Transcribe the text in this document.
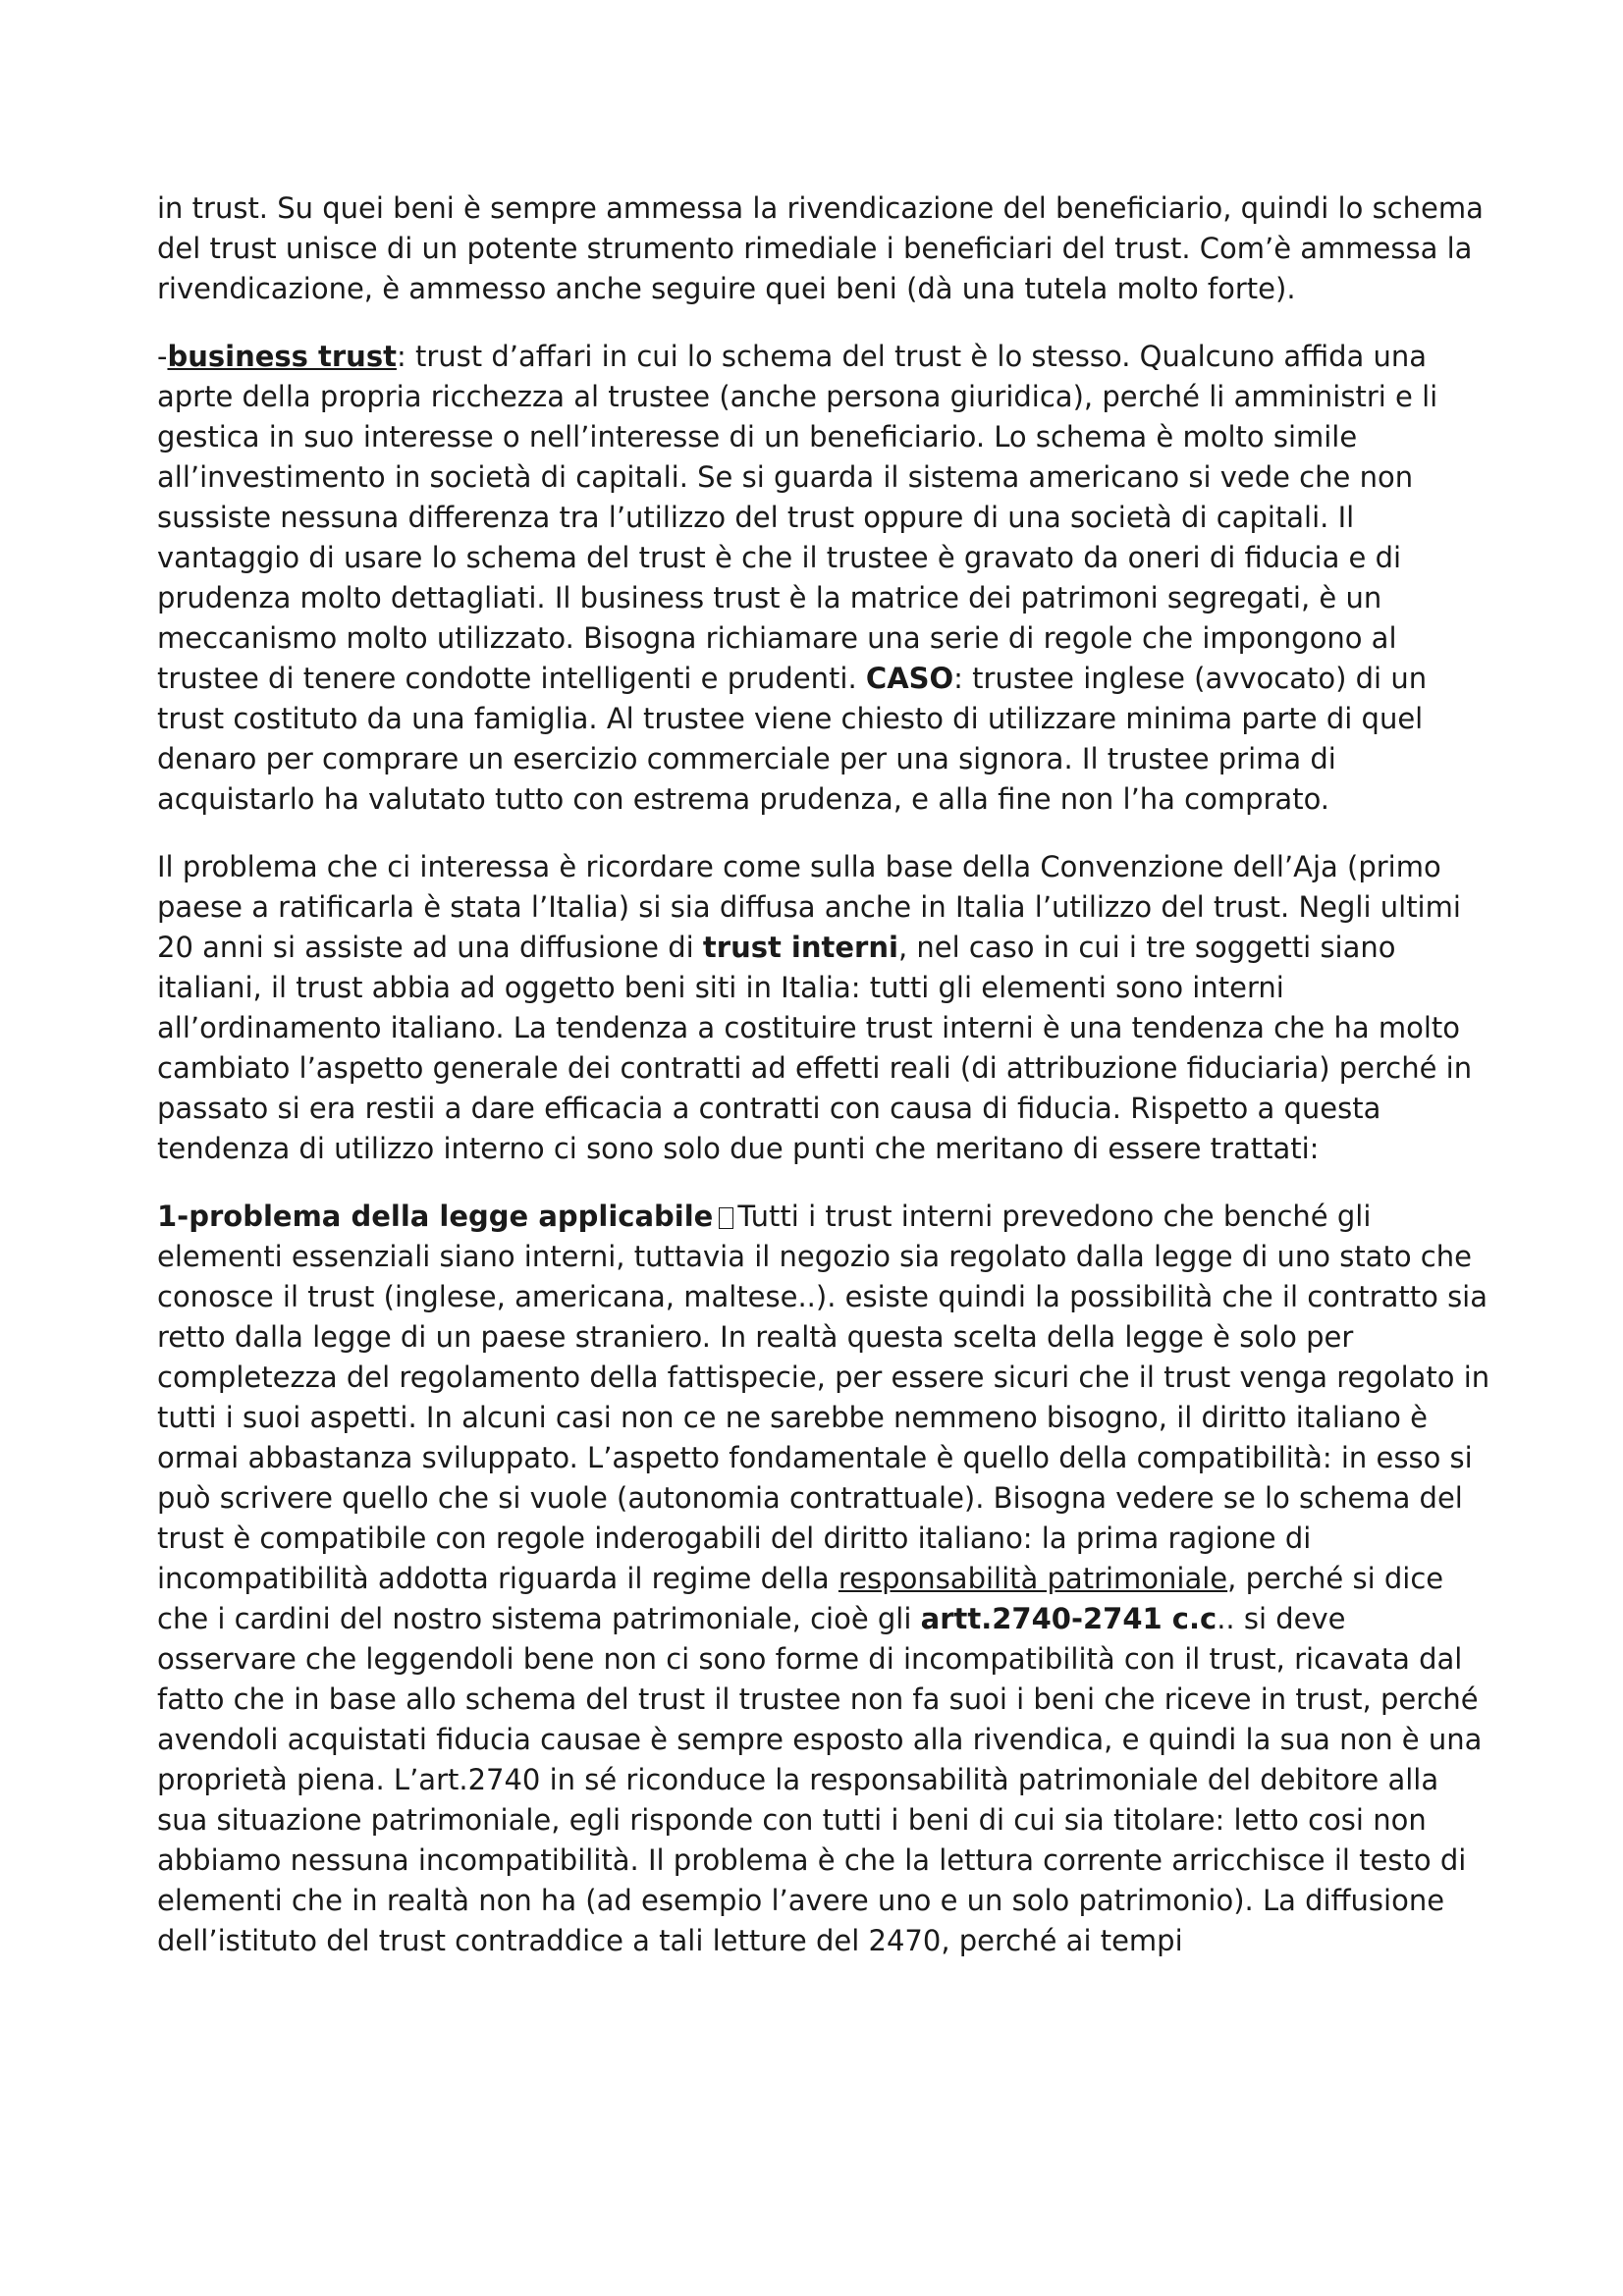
in trust. Su quei beni è sempre ammessa la rivendicazione del beneficiario, quindi lo schema del trust unisce di un potente strumento rimediale i beneficiari del trust. Com’è ammessa la rivendicazione, è ammesso anche seguire quei beni (dà una tutela molto forte).

-business trust: trust d’affari in cui lo schema del trust è lo stesso. Qualcuno affida una aprte della propria ricchezza al trustee (anche persona giuridica), perché li amministri e li gestica in suo interesse o nell’interesse di un beneficiario. Lo schema è molto simile all’investimento in società di capitali. Se si guarda il sistema americano si vede che non sussiste nessuna differenza tra l’utilizzo del trust oppure di una società di capitali. Il vantaggio di usare lo schema del trust è che il trustee è gravato da oneri di fiducia e di prudenza molto dettagliati. Il business trust è la matrice dei patrimoni segregati, è un meccanismo molto utilizzato. Bisogna richiamare una serie di regole che impongono al trustee di tenere condotte intelligenti e prudenti. CASO: trustee inglese (avvocato) di un trust costituto da una famiglia. Al trustee viene chiesto di utilizzare minima parte di quel denaro per comprare un esercizio commerciale per una signora. Il trustee prima di acquistarlo ha valutato tutto con estrema prudenza, e alla fine non l’ha comprato.

Il problema che ci interessa è ricordare come sulla base della Convenzione dell’Aja (primo paese a ratificarla è stata l’Italia) si sia diffusa anche in Italia l’utilizzo del trust. Negli ultimi 20 anni si assiste ad una diffusione di trust interni, nel caso in cui i tre soggetti siano italiani, il trust abbia ad oggetto beni siti in Italia: tutti gli elementi sono interni all’ordinamento italiano. La tendenza a costituire trust interni è una tendenza che ha molto cambiato l’aspetto generale dei contratti ad effetti reali (di attribuzione fiduciaria) perché in passato si era restii a dare efficacia a contratti con causa di fiducia. Rispetto a questa tendenza di utilizzo interno ci sono solo due punti che meritano di essere trattati:

1-problema della legge applicabile Tutti i trust interni prevedono che benché gli elementi essenziali siano interni, tuttavia il negozio sia regolato dalla legge di uno stato che conosce il trust (inglese, americana, maltese..). esiste quindi la possibilità che il contratto sia retto dalla legge di un paese straniero. In realtà questa scelta della legge è solo per completezza del regolamento della fattispecie, per essere sicuri che il trust venga regolato in tutti i suoi aspetti. In alcuni casi non ce ne sarebbe nemmeno bisogno, il diritto italiano è ormai abbastanza sviluppato. L’aspetto fondamentale è quello della compatibilità: in esso si può scrivere quello che si vuole (autonomia contrattuale). Bisogna vedere se lo schema del trust è compatibile con regole inderogabili del diritto italiano: la prima ragione di incompatibilità addotta riguarda il regime della responsabilità patrimoniale, perché si dice che i cardini del nostro sistema patrimoniale, cioè gli artt.2740-2741 c.c.. si deve osservare che leggendoli bene non ci sono forme di incompatibilità con il trust, ricavata dal fatto che in base allo schema del trust il trustee non fa suoi i beni che riceve in trust, perché avendoli acquistati fiducia causae è sempre esposto alla rivendica, e quindi la sua non è una proprietà piena. L’art.2740 in sé riconduce la responsabilità patrimoniale del debitore alla sua situazione patrimoniale, egli risponde con tutti i beni di cui sia titolare: letto cosi non abbiamo nessuna incompatibilità. Il problema è che la lettura corrente arricchisce il testo di elementi che in realtà non ha (ad esempio l’avere uno e un solo patrimonio). La diffusione dell’istituto del trust contraddice a tali letture del 2470, perché ai tempi
